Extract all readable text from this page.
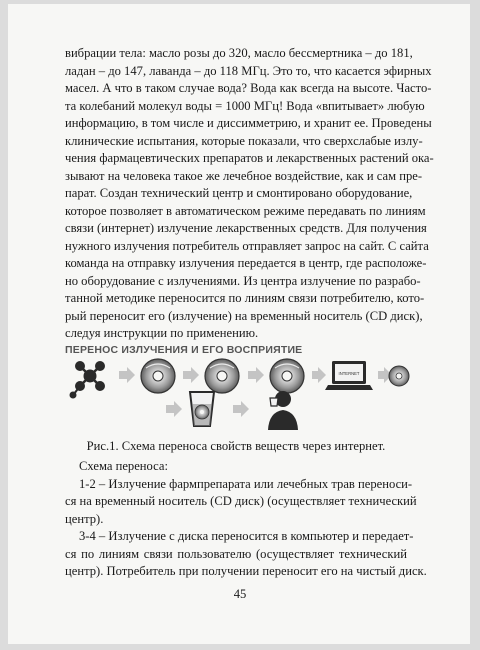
вибрации тела: масло розы до 320, масло бессмертника – до 181,
ладан – до 147, лаванда – до 118 МГц. Это то, что касается эфирных
масел. А что в таком случае вода? Вода как всегда на высоте. Часто-
та колебаний молекул воды = 1000 МГц! Вода «впитывает» любую
информацию, в том числе и диссимметрию, и хранит ее. Проведены
клинические испытания, которые показали, что сверхслабые излу-
чения фармацевтических препаратов и лекарственных растений ока-
зывают на человека такое же лечебное воздействие, как и сам пре-
парат. Создан технический центр и смонтировано оборудование,
которое позволяет в автоматическом режиме передавать по линиям
связи (интернет) излучение лекарственных средств. Для получения
нужного излучения потребитель отправляет запрос на сайт. С сайта
команда на отправку излучения передается в центр, где расположе-
но оборудование с излучениями. Из центра излучение по разрабо-
танной методике переносится по линиям связи потребителю, кото-
рый переносит его (излучение) на временный носитель (CD диск),
следуя инструкции по применению.
ПЕРЕНОС ИЗЛУЧЕНИЯ И ЕГО ВОСПРИЯТИЕ
INTERNET
Рис.1. Схема переноса свойств веществ через интернет.
Схема переноса:
1-2 – Излучение фармпрепарата или лечебных трав переноси-
ся на временный носитель (CD диск) (осуществляет технический
центр).
3-4 – Излучение с диска переносится в компьютер и передает-
ся по линиям связи пользователю (осуществляет технический
центр). Потребитель при получении переносит его на чистый диск.
45
